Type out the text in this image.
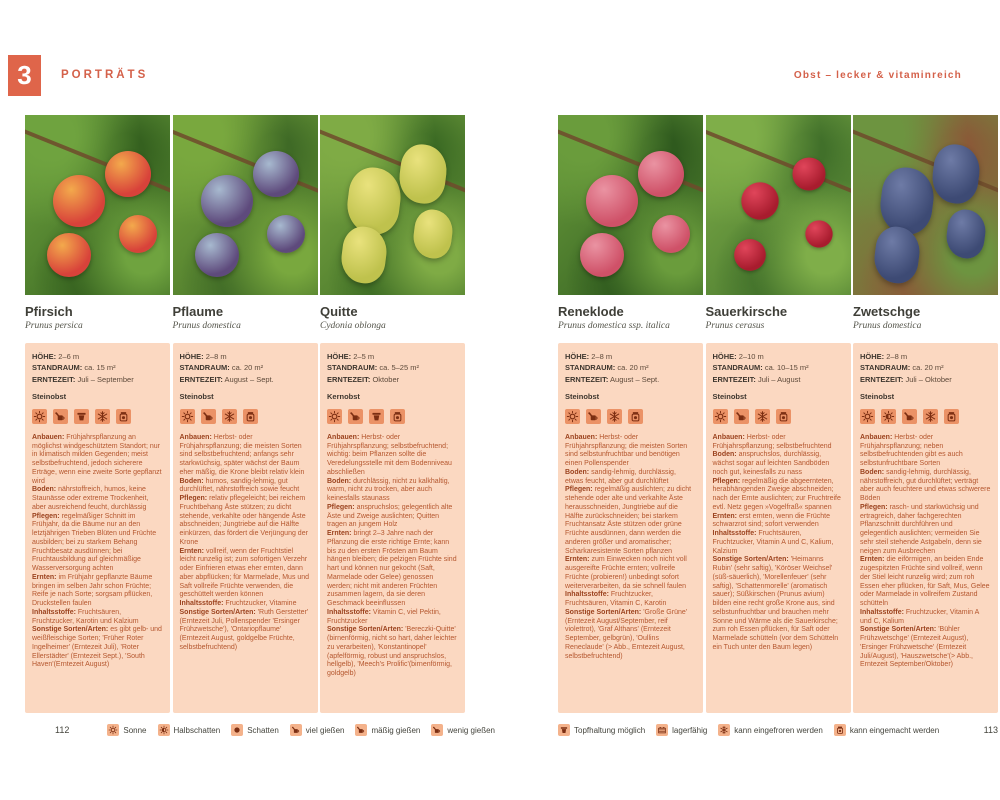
3	PORTRÄTS	Obst – lecker & vitaminreich
Pfirsich
Prunus persica
HÖHE: 2–6 m
STANDRAUM: ca. 15 m²
ERNTEZEIT: Juli – September
Steinobst

Anbauen: Frühjahrspflanzung an möglichst windgeschütztem Standort; nur in klimatisch milden Gegenden; meist selbstbefruchtend, jedoch sicherere Erträge, wenn eine zweite Sorte gepflanzt wird

Boden: nährstoffreich, humos, keine Staunässe oder extreme Trockenheit, aber ausreichend feucht, durchlässig

Pflegen: regelmäßiger Schnitt im Frühjahr, da die Bäume nur an den letztjährigen Trieben Blüten und Früchte ausbilden; bei zu starkem Behang Fruchtbesatz ausdünnen; bei Fruchtausbildung auf gleichmäßige Wasserversorgung achten

Ernten: im Frühjahr gepflanzte Bäume bringen im selben Jahr schon Früchte; Reife je nach Sorte; sorgsam pflücken, Druckstellen faulen

Inhaltsstoffe: Fruchtsäuren, Fruchtzucker, Karotin und Kalzium

Sonstige Sorten/Arten: es gibt gelb- und weißfleischige Sorten; 'Früher Roter Ingelheimer' (Erntezeit Juli), 'Roter Ellerstädter' (Erntezeit Sept.), 'South Haven'(Erntezeit August)

Pflaume
Prunus domestica
HÖHE: 2–8 m
STANDRAUM: ca. 20 m²
ERNTEZEIT: August – Sept.
Steinobst

Anbauen: Herbst- oder Frühjahrspflanzung; die meisten Sorten sind selbstbefruchtend; anfangs sehr starkwüchsig, später wächst der Baum eher mäßig, die Krone bleibt relativ klein

Boden: humos, sandig-lehmig, gut durchlüftet, nährstoffreich sowie feucht

Pflegen: relativ pflegeleicht; bei reichem Fruchtbehang Äste stützen; zu dicht stehende, verkahlte oder hängende Äste abschneiden; Jungtriebe auf die Hälfte einkürzen, das fördert die Verjüngung der Krone

Ernten: vollreif, wenn der Fruchtstiel leicht runzelig ist; zum sofortigen Verzehr oder Einfrieren etwas eher ernten, dann aber abpflücken; für Marmelade, Mus und Saft vollreife Früchte verwenden, die geschüttelt werden können

Inhaltsstoffe: Fruchtzucker, Vitamine

Sonstige Sorten/Arten: 'Ruth Gerstetter' (Erntezeit Juli, Pollenspender 'Ersinger Frühzwetsche'), 'Ontariopflaume' (Erntezeit August, goldgelbe Früchte, selbstbefruchtend)

Quitte
Cydonia oblonga
HÖHE: 2–5 m
STANDRAUM: ca. 5–25 m²
ERNTEZEIT: Oktober
Kernobst

Anbauen: Herbst- oder Frühjahrspflanzung; selbstbefruchtend; wichtig: beim Pflanzen sollte die Veredelungsstelle mit dem Bodenniveau abschließen

Boden: durchlässig, nicht zu kalkhaltig, warm, nicht zu trocken, aber auch keinesfalls staunass

Pflegen: anspruchslos; gelegentlich alte Äste und Zweige auslichten; Quitten tragen an jungem Holz

Ernten: bringt 2–3 Jahre nach der Pflanzung die erste richtige Ernte; kann bis zu den ersten Frösten am Baum hängen bleiben; die pelzigen Früchte sind hart und können nur gekocht (Saft, Marmelade oder Gelee) genossen werden; nicht mit anderen Früchten zusammen lagern, da sie deren Geschmack beeinflussen

Inhaltsstoffe: Vitamin C, viel Pektin, Fruchtzucker

Sonstige Sorten/Arten: 'Bereczki-Quitte' (birnenförmig, nicht so hart, daher leichter zu verarbeiten), 'Konstantinopel' (apfelförmig, robust und anspruchslos, hellgelb), 'Meech's Prolific'(birnenförmig, goldgelb)

Reneklode
Prunus domestica ssp. italica
HÖHE: 2–8 m
STANDRAUM: ca. 20 m²
ERNTEZEIT: August – Sept.
Steinobst

Anbauen: Herbst- oder Frühjahrspflanzung; die meisten Sorten sind selbstunfruchtbar und benötigen einen Pollenspender

Boden: sandig-lehmig, durchlässig, etwas feucht, aber gut durchlüftet

Pflegen: regelmäßig auslichten; zu dicht stehende oder alte und verkahlte Äste herausschneiden, Jungtriebe auf die Hälfte zurückschneiden; bei starkem Fruchtansatz Äste stützen oder grüne Früchte ausdünnen, dann werden die anderen größer und aromatischer; Scharkaresistente Sorten pflanzen

Ernten: zum Einwecken noch nicht voll ausgereifte Früchte ernten; vollreife Früchte (probieren!) unbedingt sofort weiterverarbeiten, da sie schnell faulen

Inhaltsstoffe: Fruchtzucker, Fruchtsäuren, Vitamin C, Karotin

Sonstige Sorten/Arten: 'Große Grüne' (Erntezeit August/September, reif violettrot), 'Graf Althans' (Erntezeit September, gelbgrün), 'Oullins Reneclaude' (> Abb., Erntezeit August, selbstbefruchtend)

Sauerkirsche
Prunus cerasus
HÖHE: 2–10 m
STANDRAUM: ca. 10–15 m²
ERNTEZEIT: Juli – August
Steinobst

Anbauen: Herbst- oder Frühjahrspflanzung; selbstbefruchtend

Boden: anspruchslos, durchlässig, wächst sogar auf leichten Sandböden noch gut, keinesfalls zu nass

Pflegen: regelmäßig die abgeernteten, herabhängenden Zweige abschneiden; nach der Ernte auslichten; zur Fruchtreife evtl. Netz gegen »Vogelfraß« spannen

Ernten: erst ernten, wenn die Früchte schwarzrot sind; sofort verwenden

Inhaltsstoffe: Fruchtsäuren, Fruchtzucker, Vitamin A und C, Kalium, Kalzium

Sonstige Sorten/Arten: 'Heimanns Rubin' (sehr saftig), 'Köröser Weichsel' (süß-säuerlich), 'Morellenfeuer' (sehr saftig), 'Schattenmorelle' (aromatisch sauer); Süßkirschen (Prunus avium) bilden eine recht große Krone aus, sind selbstunfruchtbar und brauchen mehr Sonne und Wärme als die Sauerkirsche; zum roh Essen pflücken, für Saft oder Marmelade schütteln (vor dem Schütteln ein Tuch unter den Baum legen)

Zwetschge
Prunus domestica
HÖHE: 2–8 m
STANDRAUM: ca. 20 m²
ERNTEZEIT: Juli – Oktober
Steinobst

Anbauen: Herbst- oder Frühjahrspflanzung; neben selbstbefruchtenden gibt es auch selbstunfruchtbare Sorten

Boden: sandig-lehmig, durchlässig, nährstoffreich, gut durchlüftet; verträgt aber auch feuchtere und etwas schwerere Böden

Pflegen: rasch- und starkwüchsig und ertragreich, daher fachgerechten Pflanzschnitt durchführen und gelegentlich auslichten; vermeiden Sie sehr steil stehende Astgabeln, denn sie neigen zum Ausbrechen

Ernten: die eiförmigen, an beiden Ende zugespitzten Früchte sind vollreif, wenn der Stiel leicht runzelig wird; zum roh Essen eher pflücken, für Saft, Mus, Gelee oder Marmelade in vollreifem Zustand schütteln

Inhaltsstoffe: Fruchtzucker, Vitamin A und C, Kalium

Sonstige Sorten/Arten: 'Bühler Frühzwetschge' (Erntezeit August), 'Ersinger Frühzwetsche' (Erntezeit Juli/August), 'Hauszwetsche'(> Abb., Erntezeit September/Oktober)

112	Sonne	Halbschatten	Schatten	viel gießen	mäßig gießen	wenig gießen	Topfhaltung möglich	lagerfähig	kann eingefroren werden	kann eingemacht werden	113
